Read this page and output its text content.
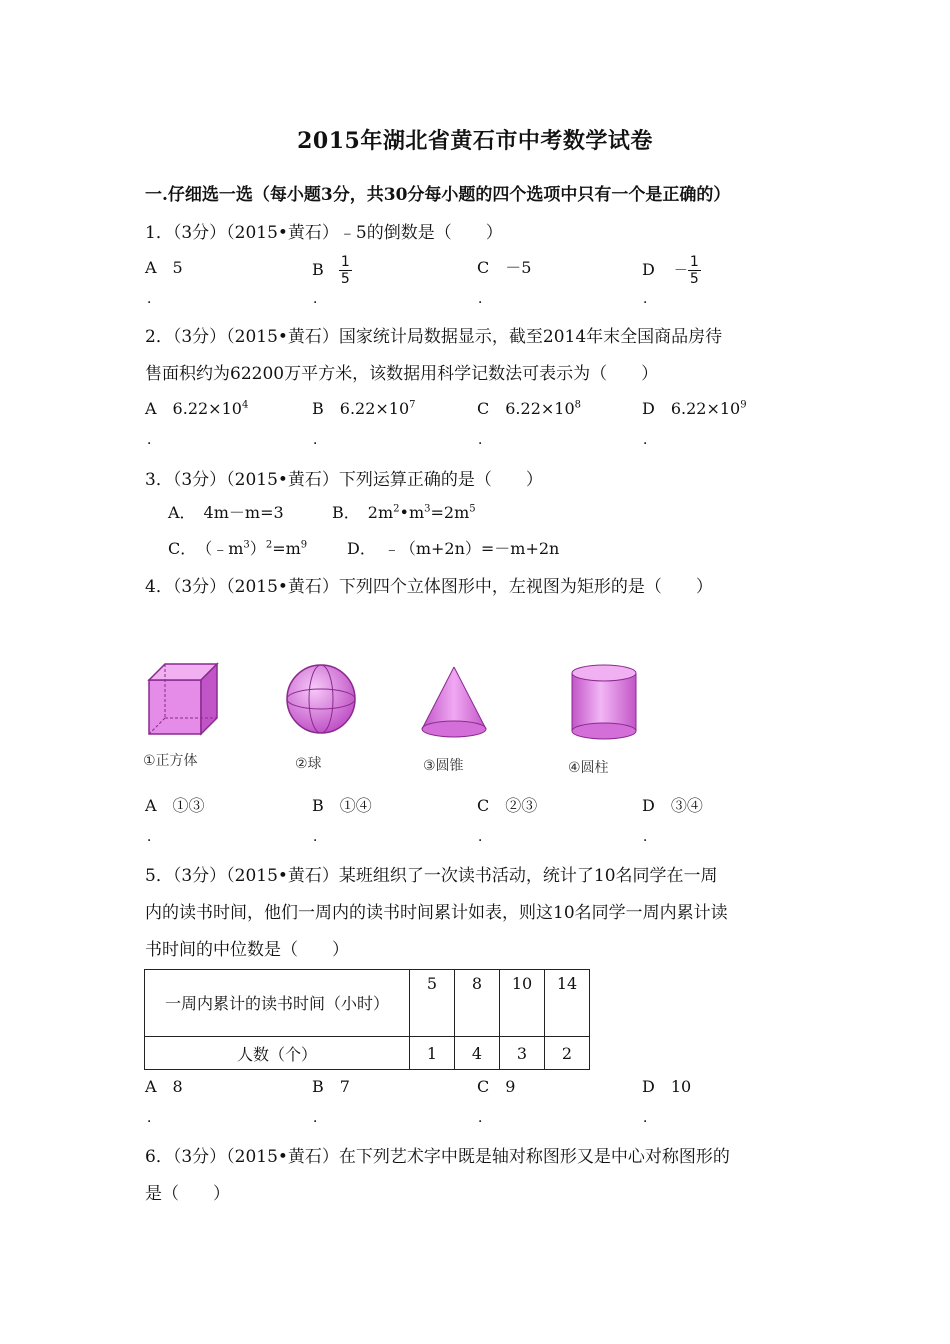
2015年湖北省黄石市中考数学试卷
一.仔细选一选（每小题3分，共30分每小题的四个选项中只有一个是正确的）
1．（3分）（2015•黄石）﹣5的倒数是（　　）
A　5	B $\frac{1}{5}$	C　－5	$D - \frac{1}{5}$
．	．	．	．
2．（3分）（2015•黄石）国家统计局数据显示，截至2014年末全国商品房待
售面积约为62200万平方米，该数据用科学记数法可表示为（　　）
A　$6.22\times 10^4$	B　$6.22\times 10^7$	C　$6.22\times 10^8$	D　$6.22\times 10^9$
．	．	．	．
3．（3分）（2015•黄石）下列运算正确的是（　　）
A．　4m－m=3	B．　$2m^2•m^3=2m^5$
C．　$(﹣m^3)^2=m^9$ D．　﹣（m+2n）=－m+2n
4．（3分）（2015•黄石）下列四个立体图形中，左视图为矩形的是（　　）
①正方体	②球	③圆锥	④圆柱
A　①③	B　①④	C　②③	D　③④
．	．	．	．
5．（3分）（2015•黄石）某班组织了一次读书活动，统计了10名同学在一周
内的读书时间，他们一周内的读书时间累计如表，则这10名同学一周内累计读
书时间的中位数是（　　）
一周内累计的读书时间（小时）	5	8	10	14
人数（个）	1	4	3	2
A　8	B　7	C　9	D　10
．	．	．	．
6．（3分）（2015•黄石）在下列艺术字中既是轴对称图形又是中心对称图形的
是（　　）
